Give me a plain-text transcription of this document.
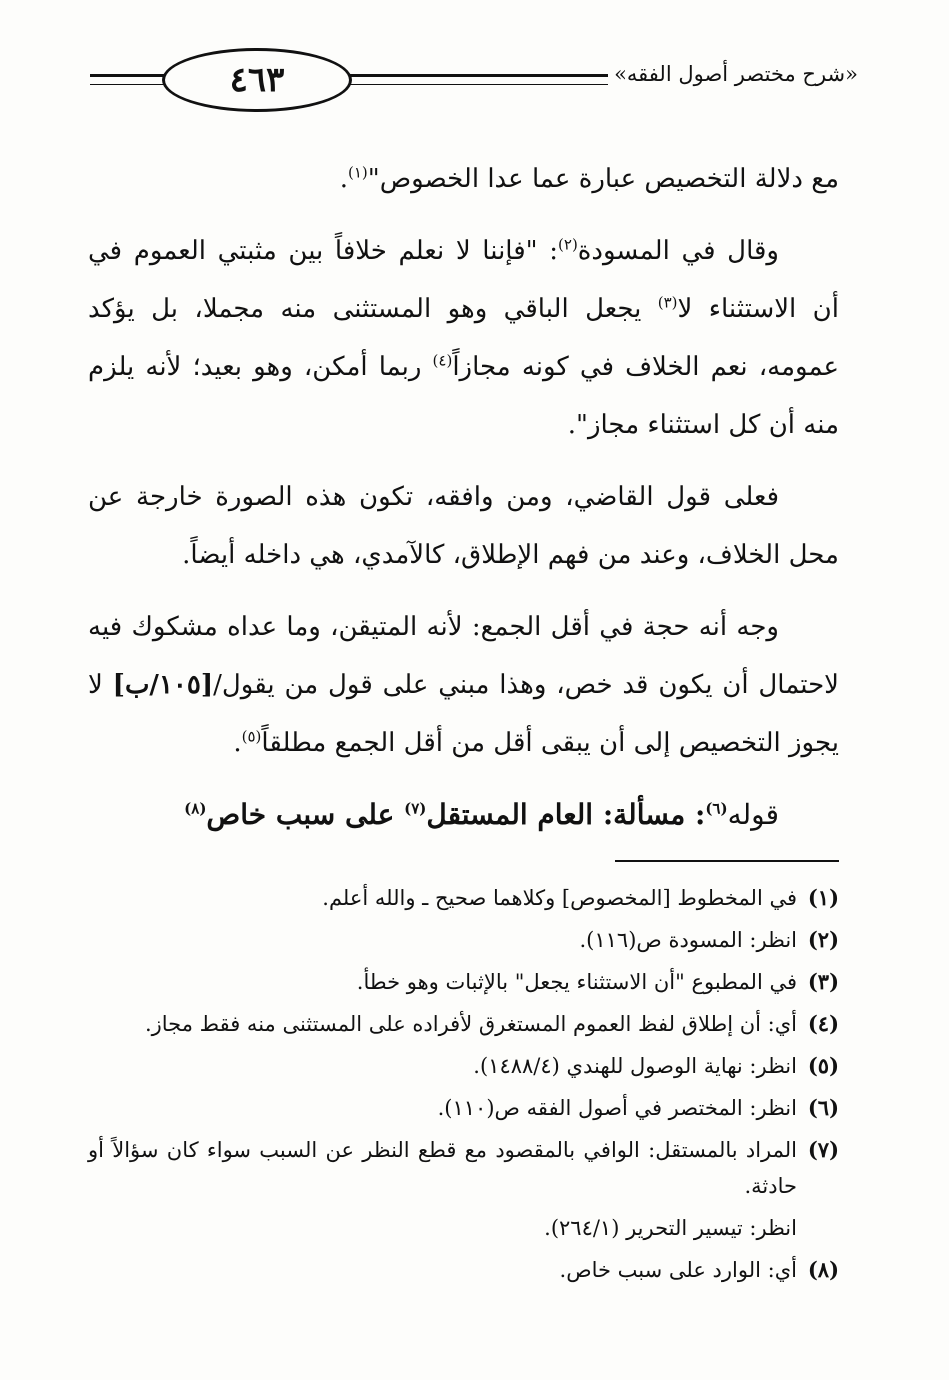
٤٦٣	«شرح مختصر أصول الفقه»

مع دلالة التخصيص عبارة عما عدا الخصوص"$^{(١)}$.

وقال في المسودة$^{(٢)}$: "فإننا لا نعلم خلافاً بين مثبتي العموم في أن الاستثناء لا$^{(٣)}$ يجعل الباقي وهو المستثنى منه مجملا، بل يؤكد عمومه، نعم الخلاف في كونه مجازاً$^{(٤)}$ ربما أمكن، وهو بعيد؛ لأنه يلزم منه أن كل استثناء مجاز".

فعلى قول القاضي، ومن وافقه، تكون هذه الصورة خارجة عن محل الخلاف، وعند من فهم الإطلاق، كالآمدي، هي داخله أيضاً.

وجه أنه حجة في أقل الجمع: لأنه المتيقن، وما عداه مشكوك فيه لاحتمال أن يكون قد خص، وهذا مبني على قول من يقول/[١٠٥/ب] لا يجوز التخصيص إلى أن يبقى أقل من أقل الجمع مطلقاً$^{(٥)}$.

قوله$^{(٦)}$: مسألة: العام المستقل$^{(٧)}$ على سبب خاص$^{(٨)}$

(١)
في المخطوط [المخصوص] وكلاهما صحيح ـ والله أعلم.
(٢)
انظر: المسودة ص(١١٦).
(٣)
في المطبوع "أن الاستثناء يجعل" بالإثبات وهو خطأ.
(٤)
أي: أن إطلاق لفظ العموم المستغرق لأفراده على المستثنى منه فقط مجاز.
(٥)
انظر: نهاية الوصول للهندي (١٤٨٨/٤).
(٦)
انظر: المختصر في أصول الفقه ص(١١٠).
(٧)
المراد بالمستقل: الوافي بالمقصود مع قطع النظر عن السبب سواء كان سؤالاً أو حادثة.
انظر: تيسير التحرير (٢٦٤/١).
(٨)
أي: الوارد على سبب خاص.
